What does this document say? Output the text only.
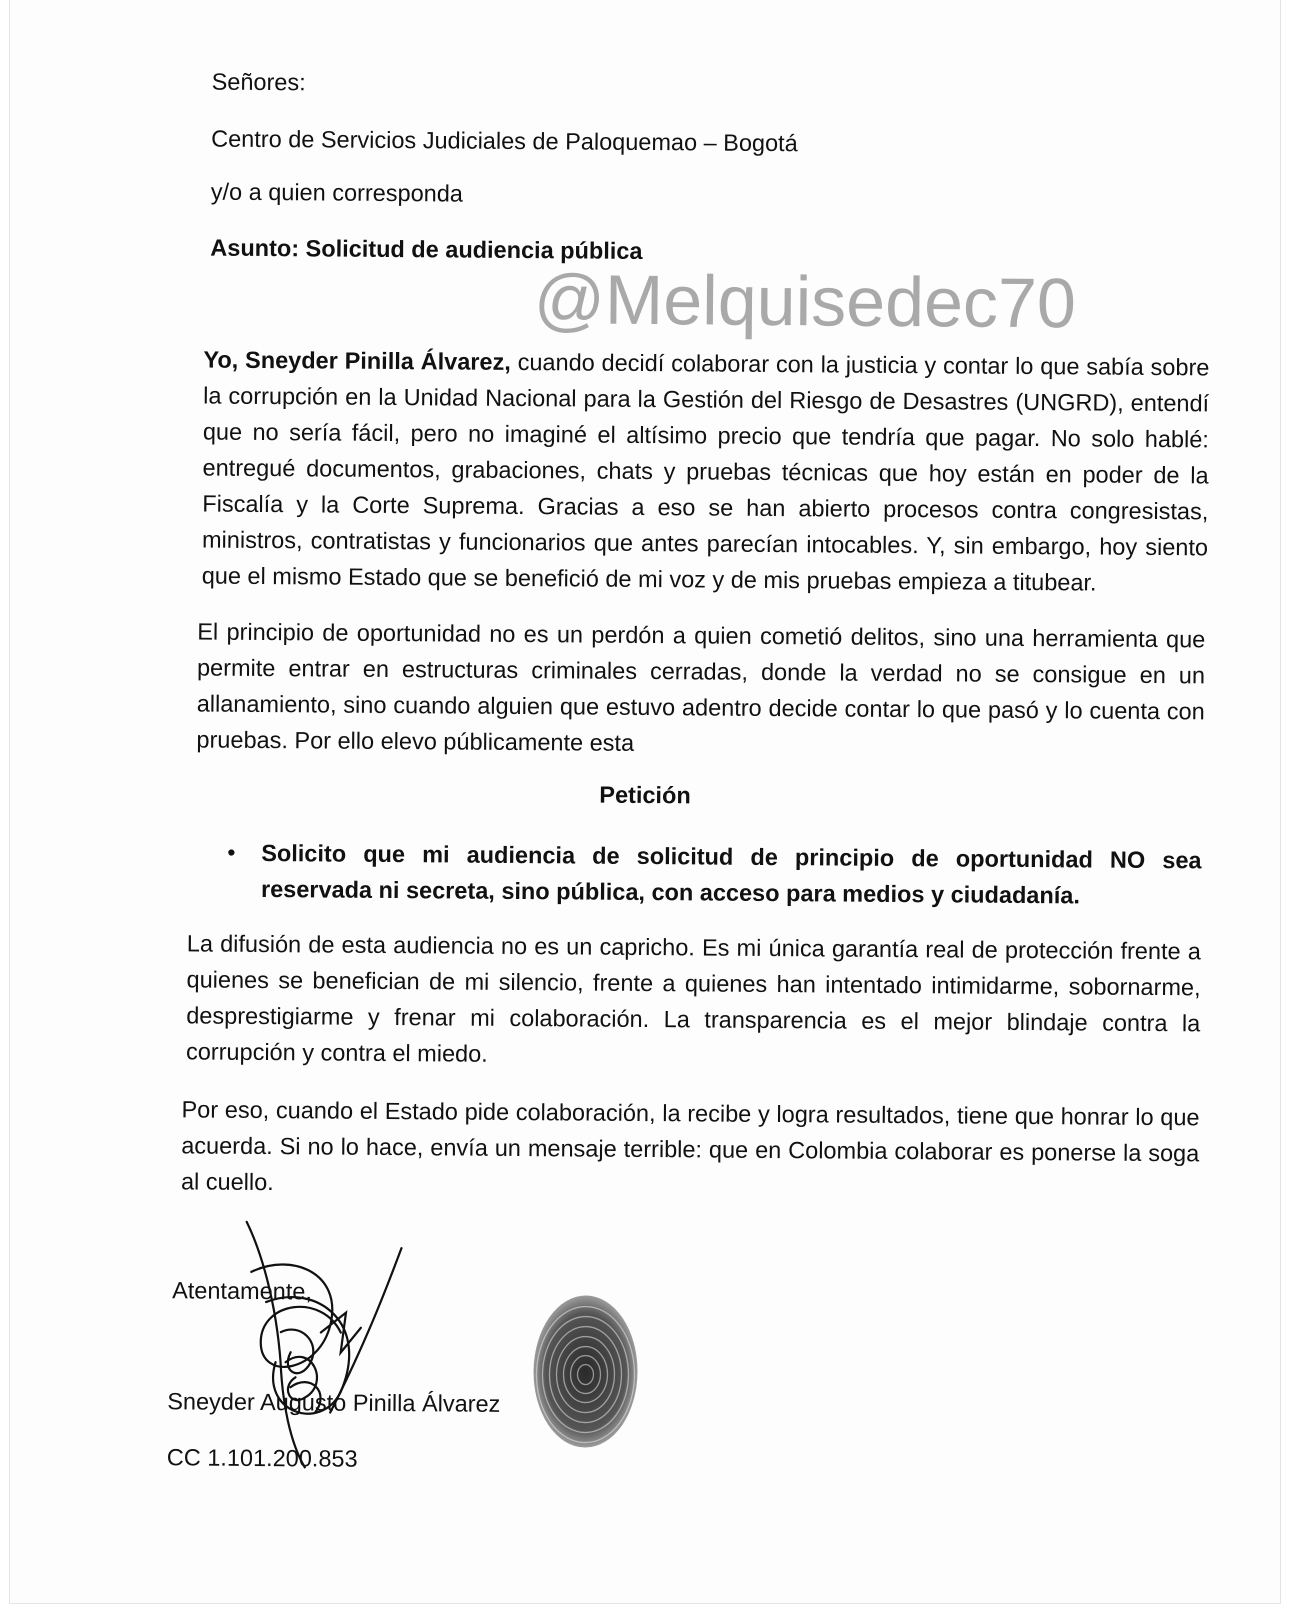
Señores:

Centro de Servicios Judiciales de Paloquemao – Bogotá

y/o a quien corresponda

Asunto: Solicitud de audiencia pública

@Melquisedec70

Yo, Sneyder Pinilla Álvarez, cuando decidí colaborar con la justicia y contar lo que sabía sobre la corrupción en la Unidad Nacional para la Gestión del Riesgo de Desastres (UNGRD), entendí que no sería fácil, pero no imaginé el altísimo precio que tendría que pagar. No solo hablé: entregué documentos, grabaciones, chats y pruebas técnicas que hoy están en poder de la Fiscalía y la Corte Suprema. Gracias a eso se han abierto procesos contra congresistas, ministros, contratistas y funcionarios que antes parecían intocables. Y, sin embargo, hoy siento que el mismo Estado que se benefició de mi voz y de mis pruebas empieza a titubear.

El principio de oportunidad no es un perdón a quien cometió delitos, sino una herramienta que permite entrar en estructuras criminales cerradas, donde la verdad no se consigue en un allanamiento, sino cuando alguien que estuvo adentro decide contar lo que pasó y lo cuenta con pruebas. Por ello elevo públicamente esta

Petición

• Solicito que mi audiencia de solicitud de principio de oportunidad NO sea reservada ni secreta, sino pública, con acceso para medios y ciudadanía.

La difusión de esta audiencia no es un capricho. Es mi única garantía real de protección frente a quienes se benefician de mi silencio, frente a quienes han intentado intimidarme, sobornarme, desprestigiarme y frenar mi colaboración. La transparencia es el mejor blindaje contra la corrupción y contra el miedo.

Por eso, cuando el Estado pide colaboración, la recibe y logra resultados, tiene que honrar lo que acuerda. Si no lo hace, envía un mensaje terrible: que en Colombia colaborar es ponerse la soga al cuello.

Atentamente,

Sneyder Augusto Pinilla Álvarez

CC 1.101.200.853
